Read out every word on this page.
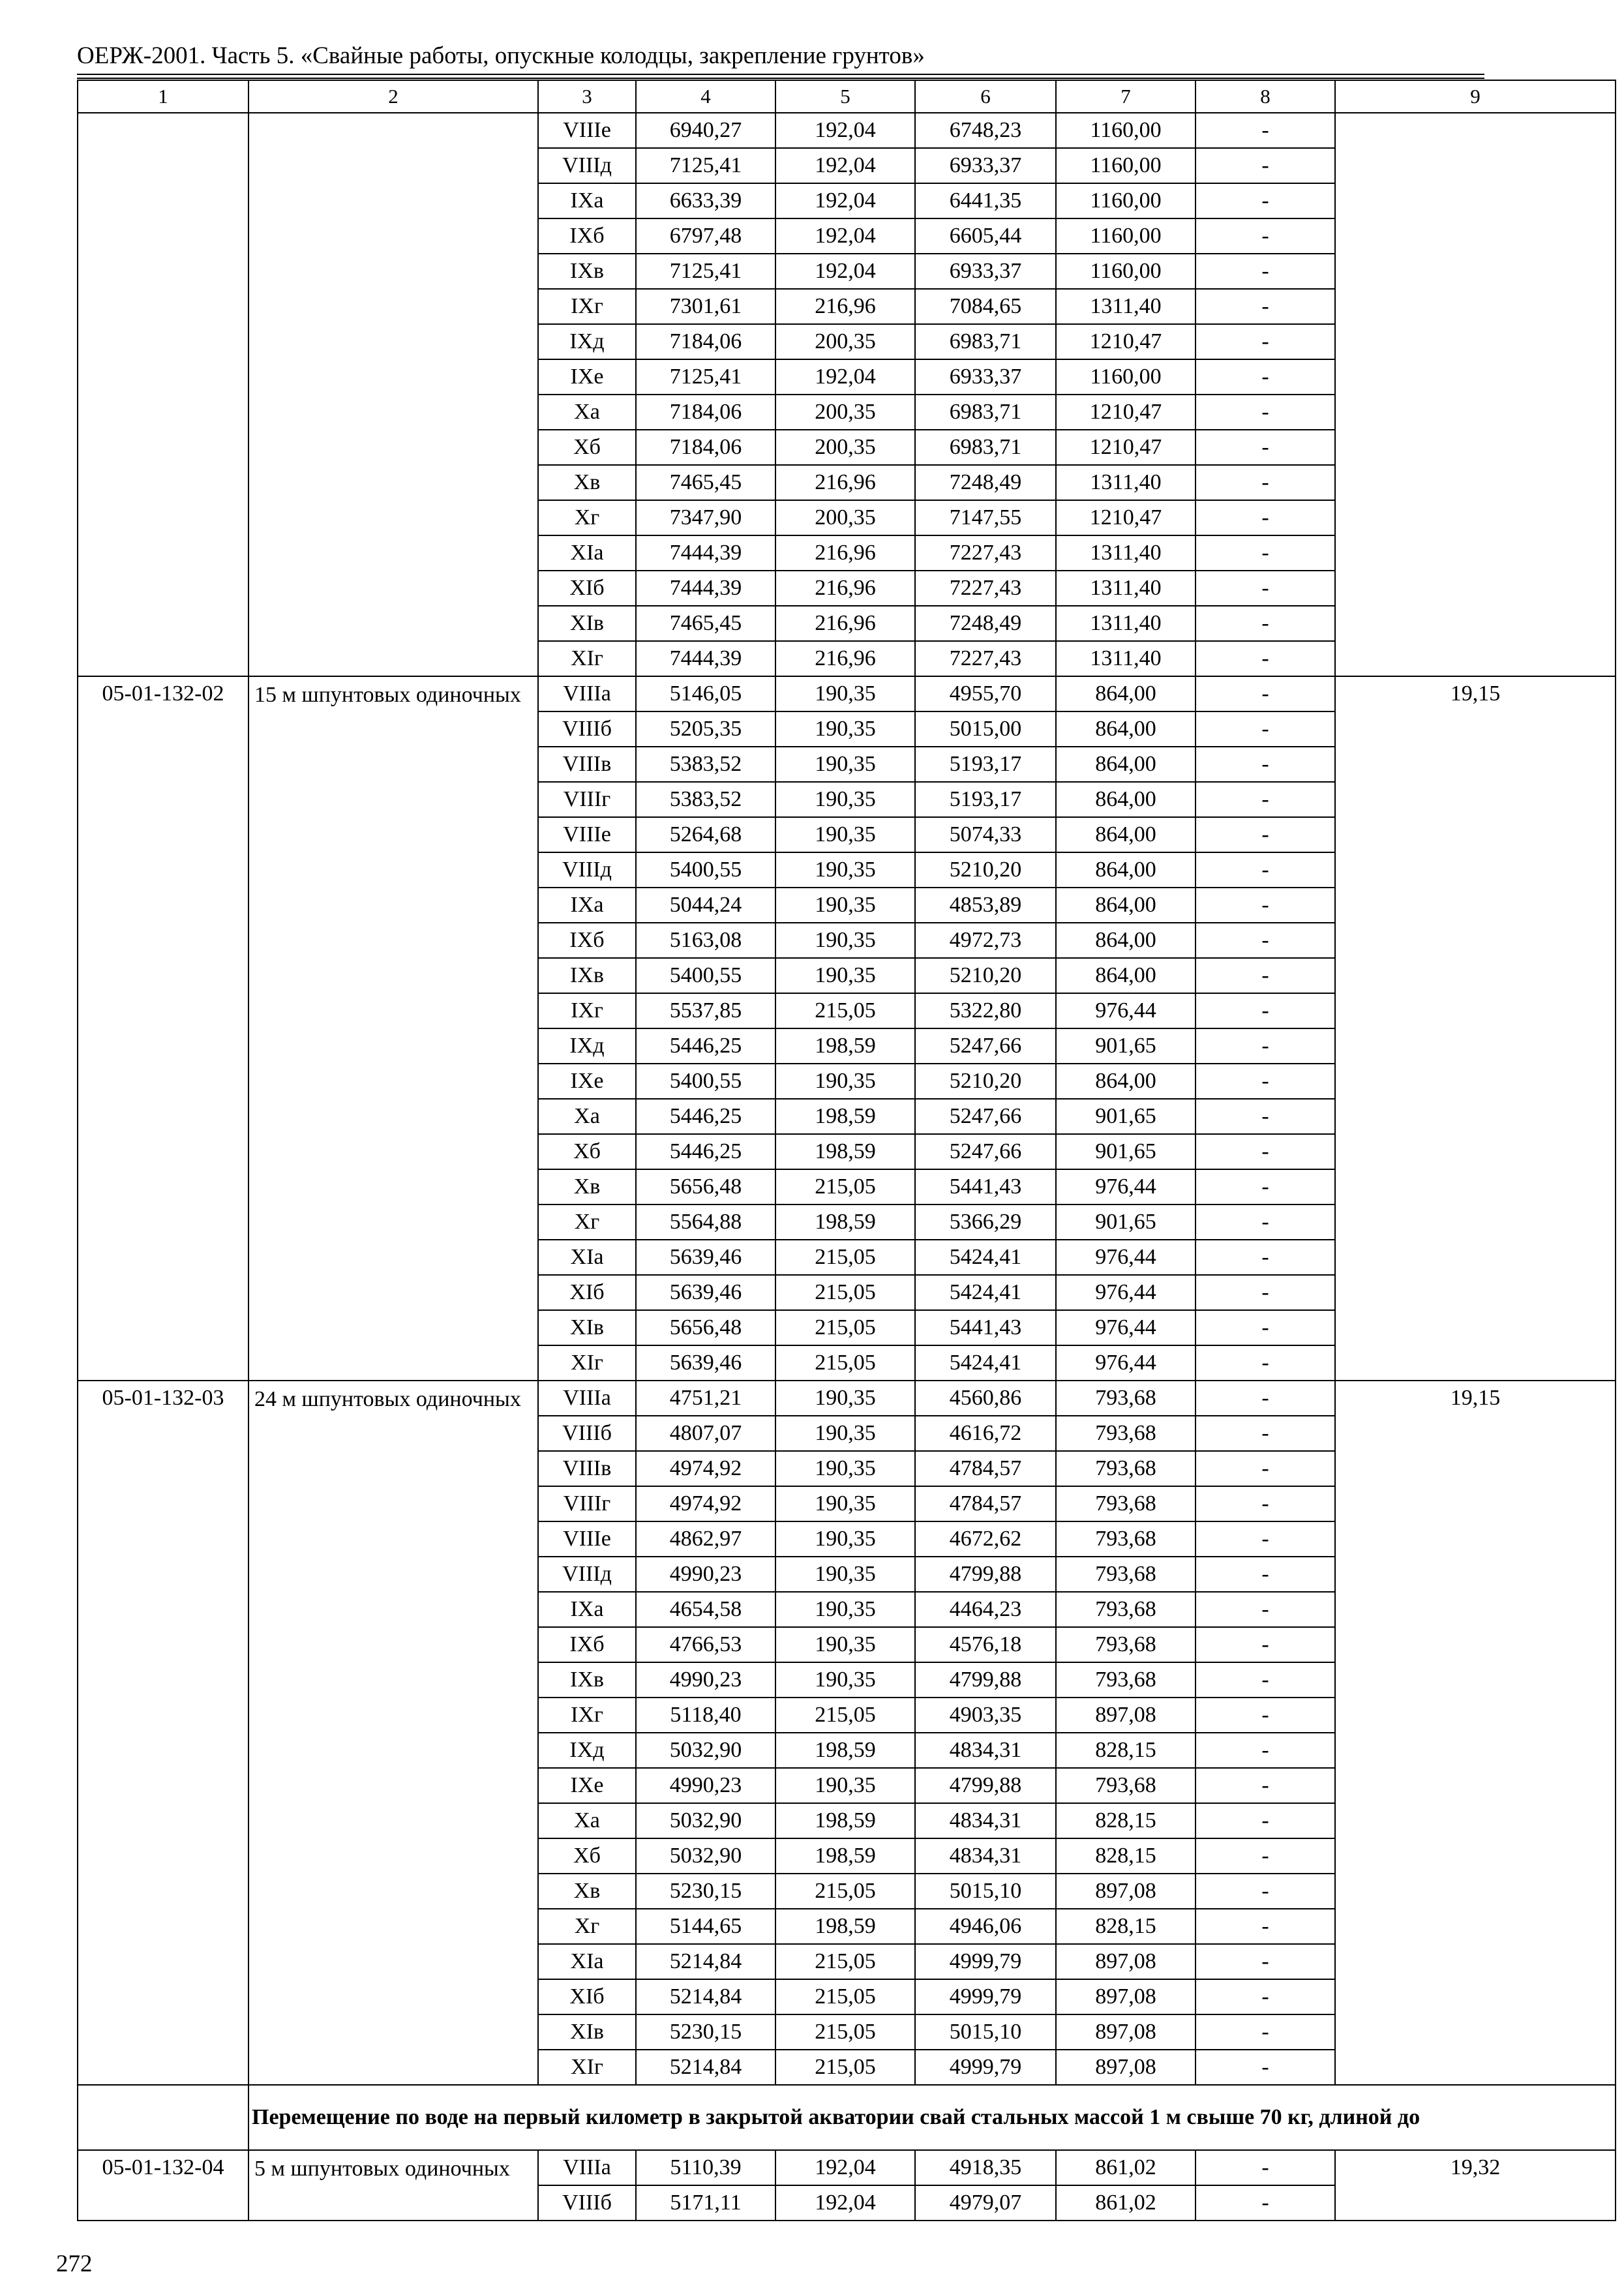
ОЕРЖ-2001. Часть 5. «Свайные работы, опускные колодцы, закрепление грунтов»
1	2	3	4	5	6	7	8	9
		VIIIе	6940,27	192,04	6748,23	1160,00	-	
		VIIIд	7125,41	192,04	6933,37	1160,00	-	
		IXа	6633,39	192,04	6441,35	1160,00	-	
		IXб	6797,48	192,04	6605,44	1160,00	-	
		IXв	7125,41	192,04	6933,37	1160,00	-	
		IXг	7301,61	216,96	7084,65	1311,40	-	
		IXд	7184,06	200,35	6983,71	1210,47	-	
		IXе	7125,41	192,04	6933,37	1160,00	-	
		Xа	7184,06	200,35	6983,71	1210,47	-	
		Xб	7184,06	200,35	6983,71	1210,47	-	
		Xв	7465,45	216,96	7248,49	1311,40	-	
		Xг	7347,90	200,35	7147,55	1210,47	-	
		XIа	7444,39	216,96	7227,43	1311,40	-	
		XIб	7444,39	216,96	7227,43	1311,40	-	
		XIв	7465,45	216,96	7248,49	1311,40	-	
		XIг	7444,39	216,96	7227,43	1311,40	-	
05-01-132-02	15 м шпунтовых одиночных	VIIIа	5146,05	190,35	4955,70	864,00	-	19,15
		VIIIб	5205,35	190,35	5015,00	864,00	-	
		VIIIв	5383,52	190,35	5193,17	864,00	-	
		VIIIг	5383,52	190,35	5193,17	864,00	-	
		VIIIе	5264,68	190,35	5074,33	864,00	-	
		VIIIд	5400,55	190,35	5210,20	864,00	-	
		IXа	5044,24	190,35	4853,89	864,00	-	
		IXб	5163,08	190,35	4972,73	864,00	-	
		IXв	5400,55	190,35	5210,20	864,00	-	
		IXг	5537,85	215,05	5322,80	976,44	-	
		IXд	5446,25	198,59	5247,66	901,65	-	
		IXе	5400,55	190,35	5210,20	864,00	-	
		Xа	5446,25	198,59	5247,66	901,65	-	
		Xб	5446,25	198,59	5247,66	901,65	-	
		Xв	5656,48	215,05	5441,43	976,44	-	
		Xг	5564,88	198,59	5366,29	901,65	-	
		XIа	5639,46	215,05	5424,41	976,44	-	
		XIб	5639,46	215,05	5424,41	976,44	-	
		XIв	5656,48	215,05	5441,43	976,44	-	
		XIг	5639,46	215,05	5424,41	976,44	-	
05-01-132-03	24 м шпунтовых одиночных	VIIIа	4751,21	190,35	4560,86	793,68	-	19,15
		VIIIб	4807,07	190,35	4616,72	793,68	-	
		VIIIв	4974,92	190,35	4784,57	793,68	-	
		VIIIг	4974,92	190,35	4784,57	793,68	-	
		VIIIе	4862,97	190,35	4672,62	793,68	-	
		VIIIд	4990,23	190,35	4799,88	793,68	-	
		IXа	4654,58	190,35	4464,23	793,68	-	
		IXб	4766,53	190,35	4576,18	793,68	-	
		IXв	4990,23	190,35	4799,88	793,68	-	
		IXг	5118,40	215,05	4903,35	897,08	-	
		IXд	5032,90	198,59	4834,31	828,15	-	
		IXе	4990,23	190,35	4799,88	793,68	-	
		Xа	5032,90	198,59	4834,31	828,15	-	
		Xб	5032,90	198,59	4834,31	828,15	-	
		Xв	5230,15	215,05	5015,10	897,08	-	
		Xг	5144,65	198,59	4946,06	828,15	-	
		XIа	5214,84	215,05	4999,79	897,08	-	
		XIб	5214,84	215,05	4999,79	897,08	-	
		XIв	5230,15	215,05	5015,10	897,08	-	
		XIг	5214,84	215,05	4999,79	897,08	-	
	Перемещение по воде на первый километр в закрытой акватории свай стальных массой 1 м свыше 70 кг, длиной до							
05-01-132-04	5 м шпунтовых одиночных	VIIIа	5110,39	192,04	4918,35	861,02	-	19,32
		VIIIб	5171,11	192,04	4979,07	861,02	-	
272
